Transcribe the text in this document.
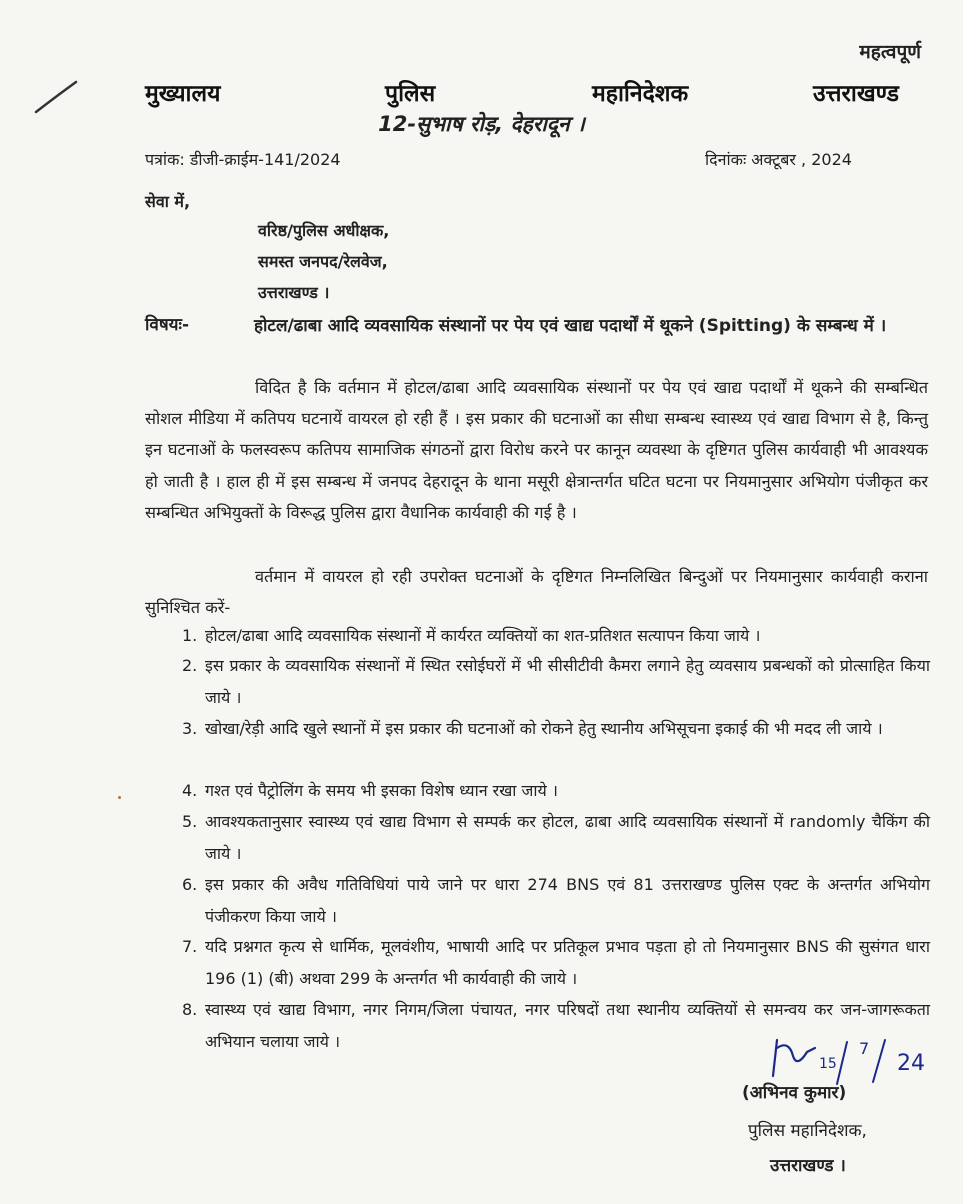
महत्वपूर्ण
मुख्यालय	पुलिस	महानिदेशक	उत्तराखण्ड
12-सुभाष रोड़, देहरादून ।
पत्रांक: डीजी-क्राईम-141/2024	दिनांकः अक्टूबर , 2024
सेवा में,
वरिष्ठ/पुलिस अधीक्षक,
समस्त जनपद/रेलवेज,
उत्तराखण्ड ।
विषयः-	होटल/ढाबा आदि व्यवसायिक संस्थानों पर पेय एवं खाद्य पदार्थों में थूकने (Spitting) के सम्बन्ध में ।
विदित है कि वर्तमान में होटल/ढाबा आदि व्यवसायिक संस्थानों पर पेय एवं खाद्य पदार्थों में थूकने की सम्बन्धित सोशल मीडिया में कतिपय घटनायें वायरल हो रही हैं । इस प्रकार की घटनाओं का सीधा सम्बन्ध स्वास्थ्य एवं खाद्य विभाग से है, किन्तु इन घटनाओं के फलस्वरूप कतिपय सामाजिक संगठनों द्वारा विरोध करने पर कानून व्यवस्था के दृष्टिगत पुलिस कार्यवाही भी आवश्यक हो जाती है । हाल ही में इस सम्बन्ध में जनपद देहरादून के थाना मसूरी क्षेत्रान्तर्गत घटित घटना पर नियमानुसार अभियोग पंजीकृत कर सम्बन्धित अभियुक्तों के विरूद्ध पुलिस द्वारा वैधानिक कार्यवाही की गई है ।
वर्तमान में वायरल हो रही उपरोक्त घटनाओं के दृष्टिगत निम्नलिखित बिन्दुओं पर नियमानुसार कार्यवाही कराना सुनिश्चित करें-
1. होटल/ढाबा आदि व्यवसायिक संस्थानों में कार्यरत व्यक्तियों का शत-प्रतिशत सत्यापन किया जाये ।
2. इस प्रकार के व्यवसायिक संस्थानों में स्थित रसोईघरों में भी सीसीटीवी कैमरा लगाने हेतु व्यवसाय प्रबन्धकों को प्रोत्साहित किया जाये ।
3. खोखा/रेड़ी आदि खुले स्थानों में इस प्रकार की घटनाओं को रोकने हेतु स्थानीय अभिसूचना इकाई की भी मदद ली जाये ।
4. गश्त एवं पैट्रोलिंग के समय भी इसका विशेष ध्यान रखा जाये ।
5. आवश्यकतानुसार स्वास्थ्य एवं खाद्य विभाग से सम्पर्क कर होटल, ढाबा आदि व्यवसायिक संस्थानों में randomly चैकिंग की जाये ।
6. इस प्रकार की अवैध गतिविधियां पाये जाने पर धारा 274 BNS एवं 81 उत्तराखण्ड पुलिस एक्ट के अन्तर्गत अभियोग पंजीकरण किया जाये ।
7. यदि प्रश्नगत कृत्य से धार्मिक, मूलवंशीय, भाषायी आदि पर प्रतिकूल प्रभाव पड़ता हो तो नियमानुसार BNS की सुसंगत धारा 196 (1) (बी) अथवा 299 के अन्तर्गत भी कार्यवाही की जाये ।
8. स्वास्थ्य एवं खाद्य विभाग, नगर निगम/जिला पंचायत, नगर परिषदों तथा स्थानीय व्यक्तियों से समन्वय कर जन-जागरूकता अभियान चलाया जाये ।
15
7
24
(अभिनव कुमार)
पुलिस महानिदेशक,
उत्तराखण्ड ।
